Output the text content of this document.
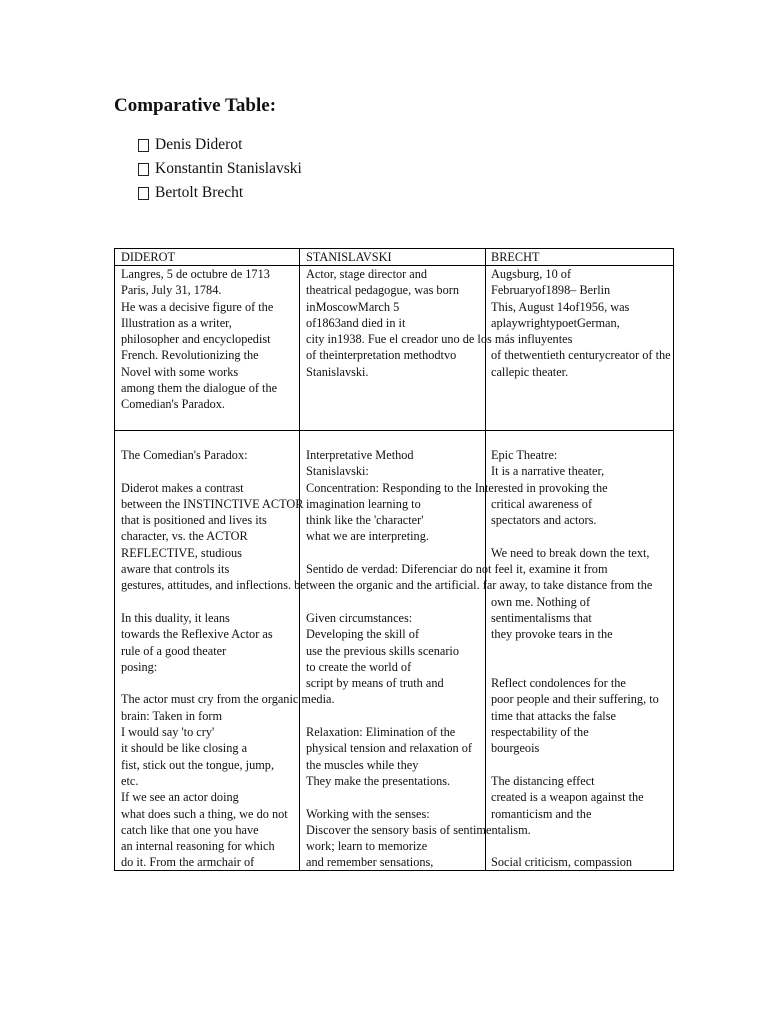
Comparative Table:
Denis Diderot
Konstantin Stanislavski
Bertolt Brecht
DIDEROT	STANISLAVSKI	BRECHT
Langres, 5 de octubre de 1713
Paris, July 31, 1784.
He was a decisive figure of the
Illustration as a writer,
philosopher and encyclopedist
French. Revolutionizing the
Novel with some works
among them the dialogue of the
Comedian's Paradox.
Actor, stage director and
theatrical pedagogue, was born
inMoscowMarch 5
of1863and died in it
city in1938. Fue el creador uno de los más influyentes
of theinterpretation methodtvo
Stanislavski.
Augsburg, 10 of
Februaryof1898– Berlin
This, August 14of1956, was
aplaywrightypoetGerman,
of thetwentieth centurycreator of the
callepic theater.
The Comedian's Paradox:
Diderot makes a contrast
between the INSTINCTIVE ACTOR
that is positioned and lives its
character, vs. the ACTOR
REFLECTIVE, studious
aware that controls its
gestures, attitudes, and inflections. between the organic and the artificial. far away, to take distance from the
In this duality, it leans
towards the Reflexive Actor as
rule of a good theater
posing:
The actor must cry from the organic media.
brain: Taken in form
I would say 'to cry'
it should be like closing a
fist, stick out the tongue, jump,
etc.
If we see an actor doing
what does such a thing, we do not
catch like that one you have
an internal reasoning for which
do it. From the armchair of
Interpretative Method
Stanislavski:
Concentration: Responding to the Interested in provoking the
imagination learning to
think like the 'character'
what we are interpreting.
Sentido de verdad: Diferenciar do not feel it, examine it from
Given circumstances:
Developing the skill of
use the previous skills scenario
to create the world of
script by means of truth and
Relaxation: Elimination of the
physical tension and relaxation of
the muscles while they
They make the presentations.
Working with the senses:
Discover the sensory basis of sentimentalism.
work; learn to memorize
and remember sensations,
Epic Theatre:
It is a narrative theater,
critical awareness of
spectators and actors.
We need to break down the text,
own me. Nothing of
sentimentalisms that
they provoke tears in the
Reflect condolences for the
poor people and their suffering, to
time that attacks the false
respectability of the
bourgeois
The distancing effect
created is a weapon against the
romanticism and the
Social criticism, compassion
